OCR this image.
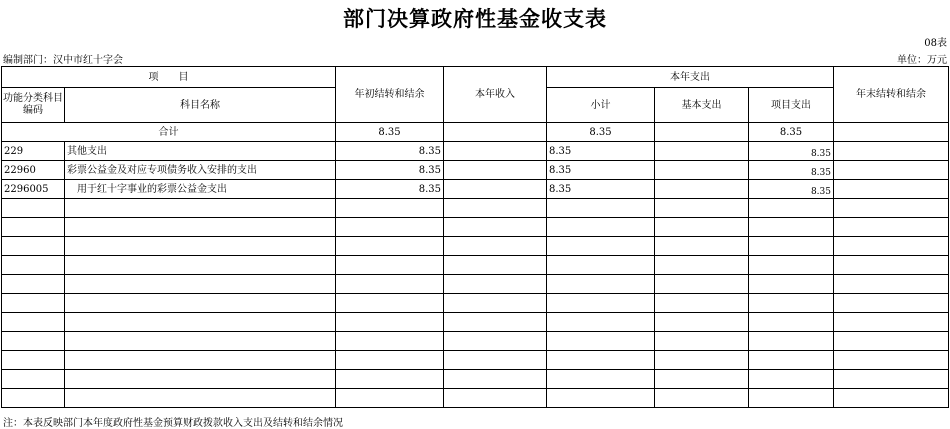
部门决算政府性基金收支表
08表
编制部门：汉中市红十字会	单位：万元
项　　目		年初结转和结余	本年收入	本年支出			年末结转和结余
功能分类科目编码	科目名称			小计	基本支出	项目支出	
合计		8.35		8.35		8.35	
229	其他支出	8.35		8.35		8.35	
22960	彩票公益金及对应专项债务收入安排的支出	8.35		8.35		8.35	
2296005	　用于红十字事业的彩票公益金支出	8.35		8.35		8.35	

注：本表反映部门本年度政府性基金预算财政拨款收入支出及结转和结余情况
